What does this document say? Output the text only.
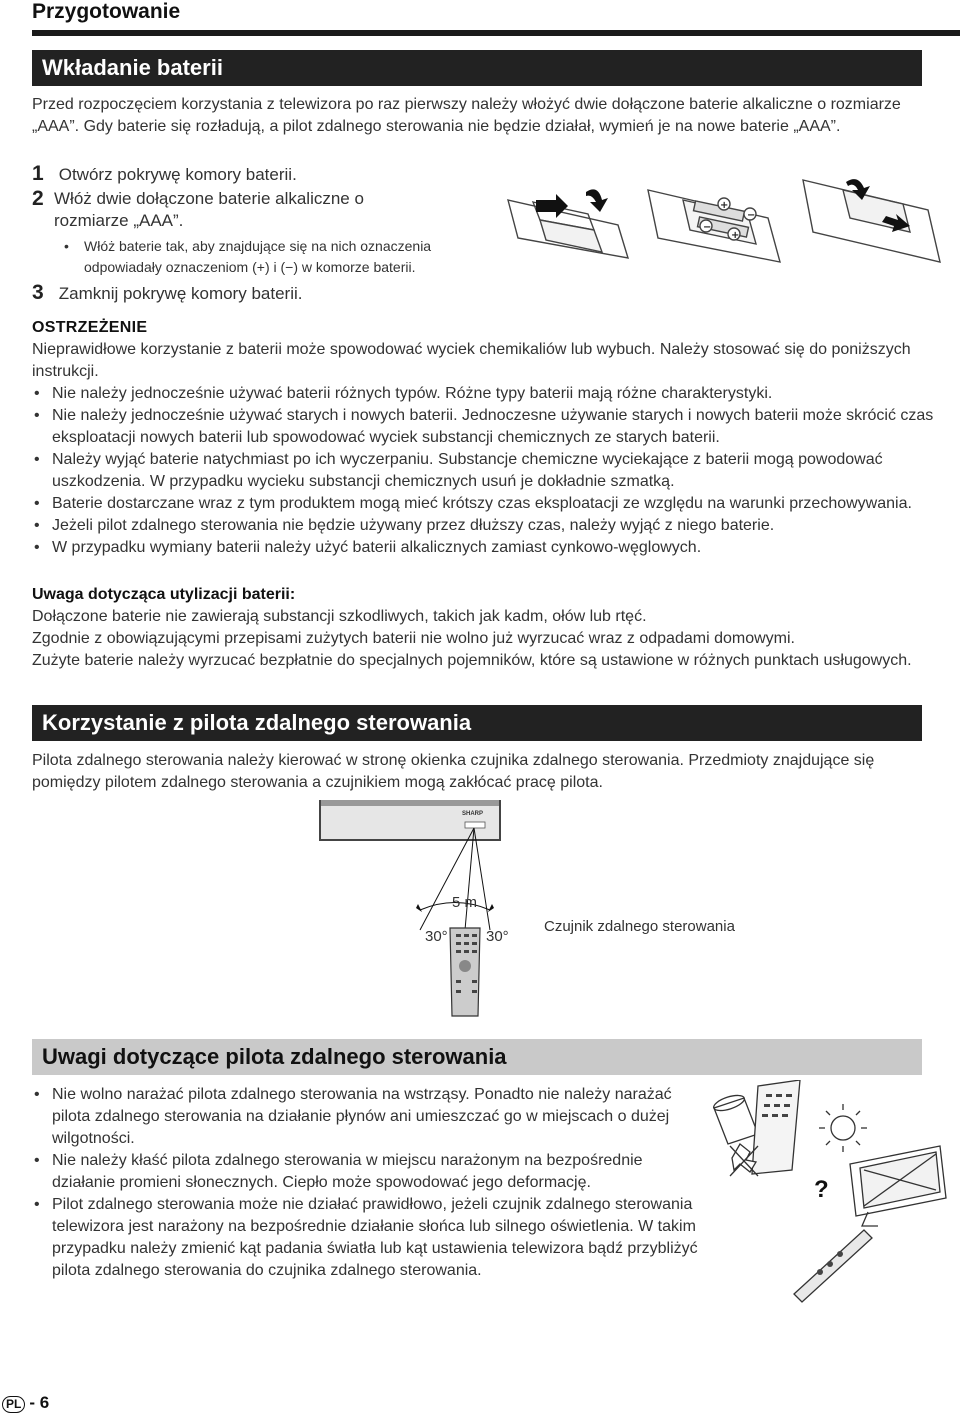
Przygotowanie
Wkładanie baterii
Przed rozpoczęciem korzystania z telewizora po raz pierwszy należy włożyć dwie dołączone baterie alkaliczne o rozmiarze „AAA”. Gdy baterie się rozładują, a pilot zdalnego sterowania nie będzie działał, wymień je na nowe baterie „AAA”.
1 Otwórz pokrywę komory baterii.
2 Włóż dwie dołączone baterie alkaliczne o rozmiarze „AAA”.
• Włóż baterie tak, aby znajdujące się na nich oznaczenia odpowiadały oznaczeniom (+) i (−) w komorze baterii.
3 Zamknij pokrywę komory baterii.
+
−
−
+
OSTRZEŻENIE
Nieprawidłowe korzystanie z baterii może spowodować wyciek chemikaliów lub wybuch. Należy stosować się do poniższych instrukcji.
• Nie należy jednocześnie używać baterii różnych typów. Różne typy baterii mają różne charakterystyki.
• Nie należy jednocześnie używać starych i nowych baterii. Jednoczesne używanie starych i nowych baterii może skrócić czas eksploatacji nowych baterii lub spowodować wyciek substancji chemicznych ze starych baterii.
• Należy wyjąć baterie natychmiast po ich wyczerpaniu. Substancje chemiczne wyciekające z baterii mogą powodować uszkodzenia. W przypadku wycieku substancji chemicznych usuń je dokładnie szmatką.
• Baterie dostarczane wraz z tym produktem mogą mieć krótszy czas eksploatacji ze względu na warunki przechowywania.
• Jeżeli pilot zdalnego sterowania nie będzie używany przez dłuższy czas, należy wyjąć z niego baterie.
• W przypadku wymiany baterii należy użyć baterii alkalicznych zamiast cynkowo-węglowych.
Uwaga dotycząca utylizacji baterii:
Dołączone baterie nie zawierają substancji szkodliwych, takich jak kadm, ołów lub rtęć.
Zgodnie z obowiązującymi przepisami zużytych baterii nie wolno już wyrzucać wraz z odpadami domowymi.
Zużyte baterie należy wyrzucać bezpłatnie do specjalnych pojemników, które są ustawione w różnych punktach usługowych.
Korzystanie z pilota zdalnego sterowania
Pilota zdalnego sterowania należy kierować w stronę okienka czujnika zdalnego sterowania. Przedmioty znajdujące się pomiędzy pilotem zdalnego sterowania a czujnikiem mogą zakłócać pracę pilota.
SHARP
5 m
30°	30°
Czujnik zdalnego sterowania
Uwagi dotyczące pilota zdalnego sterowania
• Nie wolno narażać pilota zdalnego sterowania na wstrząsy. Ponadto nie należy narażać pilota zdalnego sterowania na działanie płynów ani umieszczać go w miejscach o dużej wilgotności.
• Nie należy kłaść pilota zdalnego sterowania w miejscu narażonym na bezpośrednie działanie promieni słonecznych. Ciepło może spowodować jego deformację.
• Pilot zdalnego sterowania może nie działać prawidłowo, jeżeli czujnik zdalnego sterowania telewizora jest narażony na bezpośrednie działanie słońca lub silnego oświetlenia. W takim przypadku należy zmienić kąt padania światła lub kąt ustawienia telewizora bądź przybliżyć pilota zdalnego sterowania do czujnika zdalnego sterowania.
?
PL - 6
